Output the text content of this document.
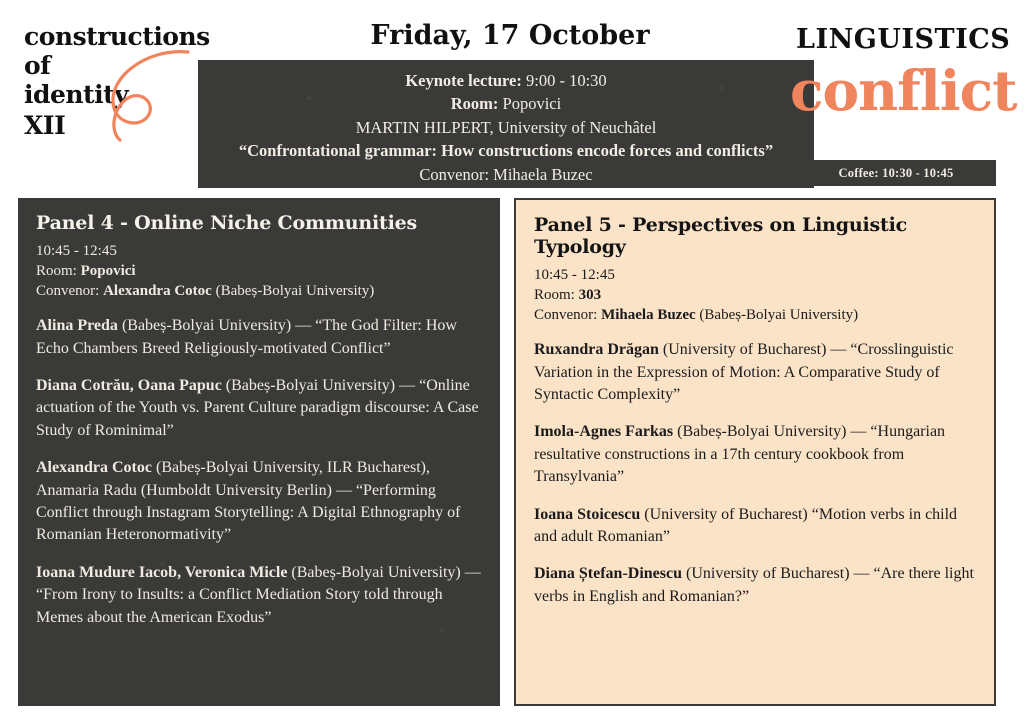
constructions
of
identity
XII
Friday, 17 October
Keynote lecture: 9:00 - 10:30
Room: Popovici
MARTIN HILPERT, University of Neuchâtel
“Confrontational grammar: How constructions encode forces and conflicts”
Convenor: Mihaela Buzec
LINGUISTICS
conflict
Coffee: 10:30 - 10:45
Panel 4 - Online Niche Communities
10:45 - 12:45
Room: Popovici
Convenor: Alexandra Cotoc (Babeș-Bolyai University)
Alina Preda (Babeș-Bolyai University) — “The God Filter: How Echo Chambers Breed Religiously-motivated Conflict”
Diana Cotrău, Oana Papuc (Babeș-Bolyai University) — “Online actuation of the Youth vs. Parent Culture paradigm discourse: A Case Study of Rominimal”
Alexandra Cotoc (Babeș-Bolyai University, ILR Bucharest), Anamaria Radu (Humboldt University Berlin) — “Performing Conflict through Instagram Storytelling: A Digital Ethnography of Romanian Heteronormativity”
Ioana Mudure Iacob, Veronica Micle (Babeș-Bolyai University) — “From Irony to Insults: a Conflict Mediation Story told through Memes about the American Exodus”
Panel 5 - Perspectives on Linguistic Typology
10:45 - 12:45
Room: 303
Convenor: Mihaela Buzec (Babeș-Bolyai University)
Ruxandra Drăgan (University of Bucharest) — “Crosslinguistic Variation in the Expression of Motion: A Comparative Study of Syntactic Complexity”
Imola-Agnes Farkas (Babeș-Bolyai University) — “Hungarian resultative constructions in a 17th century cookbook from Transylvania”
Ioana Stoicescu (University of Bucharest) “Motion verbs in child and adult Romanian”
Diana Ștefan-Dinescu (University of Bucharest) — “Are there light verbs in English and Romanian?”
